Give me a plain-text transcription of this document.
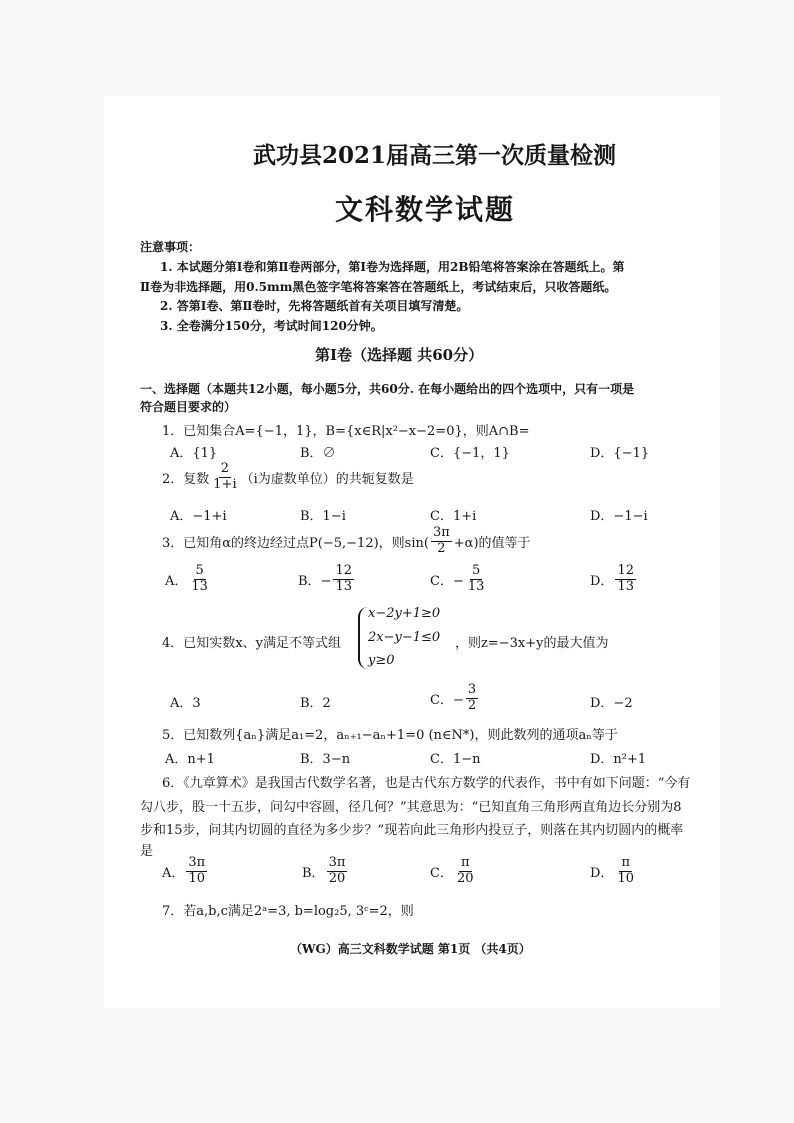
武功县2021届高三第一次质量检测
文科数学试题
注意事项：
1. 本试题分第Ⅰ卷和第Ⅱ卷两部分，第Ⅰ卷为选择题，用2B铅笔将答案涂在答题纸上。第
Ⅱ卷为非选择题，用0.5mm黑色签字笔将答案答在答题纸上，考试结束后，只收答题纸。
2. 答第Ⅰ卷、第Ⅱ卷时，先将答题纸首有关项目填写清楚。
3. 全卷满分150分，考试时间120分钟。
第Ⅰ卷（选择题 共60分）
一、选择题（本题共12小题，每小题5分，共60分. 在每小题给出的四个选项中，只有一项是
符合题目要求的）
1．已知集合A={−1，1}，B={x∈R|x²−x−2=0}，则A∩B=
A．{1}	B．∅	C．{−1，1}	D．{−1}
2．复数 $\frac{2}{1+i} (i$为虚数单位）的共轭复数是
A．−1+i	B．1−i	C．1+i	D．−1−i
3．已知角α的终边经过点P(−5,−12)，则$\sin( \frac{3\pi}{2} +\alpha)$的值等于
A． $\frac{5}{13}$	B．− $\frac{12}{13}$	C．− $\frac{5}{13}$	D． $\frac{12}{13}$
4．已知实数x、y满足不等式组
x−2y+1≥0
2x−y−1≤0
y≥0
，则z=−3x+y的最大值为
A．3	B．2	C．− $\frac{3}{2}$	D．−2
5．已知数列{aₙ}满足a₁=2，aₙ₊₁−aₙ+1=0 (n∈N*)，则此数列的通项aₙ等于
A．n+1	B．3−n	C．1−n	D．n²+1
6．《九章算术》是我国古代数学名著，也是古代东方数学的代表作，书中有如下问题：“今有
勾八步，股一十五步，问勾中容圆，径几何？”其意思为：“已知直角三角形两直角边长分别为8
步和15步，问其内切圆的直径为多少步？”现若向此三角形内投豆子，则落在其内切圆内的概率
是
A． $\frac{3\pi}{10}$	B． $\frac{3\pi}{20}$	C． $\frac{\pi}{20}$	D． $\frac{\pi}{10}$
7．若a,b,c满足2ᵃ=3, b=log₂5, 3ᶜ=2，则
（WG）高三文科数学试题 第1页 （共4页）
